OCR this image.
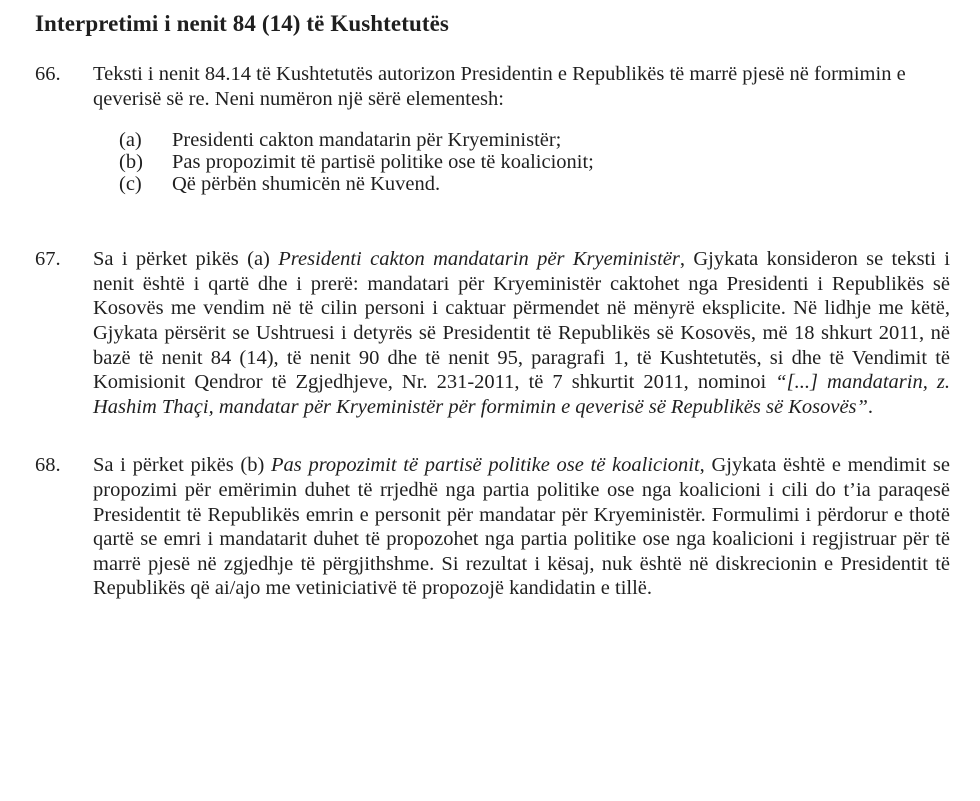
Interpretimi i nenit 84 (14) të Kushtetutës
66.	Teksti i nenit 84.14 të Kushtetutës autorizon Presidentin e Republikës të marrë pjesë në formimin e qeverisë së re. Neni numëron një sërë elementesh:
(a)	Presidenti cakton mandatarin për Kryeministër;
(b)	Pas propozimit të partisë politike ose të koalicionit;
(c)	Që përbën shumicën në Kuvend.
67.	Sa i përket pikës (a) Presidenti cakton mandatarin për Kryeministër, Gjykata konsideron se teksti i nenit është i qartë dhe i prerë: mandatari për Kryeministër caktohet nga Presidenti i Republikës së Kosovës me vendim në të cilin personi i caktuar përmendet në mënyrë eksplicite. Në lidhje me këtë, Gjykata përsërit se Ushtruesi i detyrës së Presidentit të Republikës së Kosovës, më 18 shkurt 2011, në bazë të nenit 84 (14), të nenit 90 dhe të nenit 95, paragrafi 1, të Kushtetutës, si dhe të Vendimit të Komisionit Qendror të Zgjedhjeve, Nr. 231-2011, të 7 shkurtit 2011, nominoi “[...] mandatarin, z. Hashim Thaçi, mandatar për Kryeministër për formimin e qeverisë së Republikës së Kosovës”.
68.	Sa i përket pikës (b) Pas propozimit të partisë politike ose të koalicionit, Gjykata është e mendimit se propozimi për emërimin duhet të rrjedhë nga partia politike ose nga koalicioni i cili do t’ia paraqesë Presidentit të Republikës emrin e personit për mandatar për Kryeministër. Formulimi i përdorur e thotë qartë se emri i mandatarit duhet të propozohet nga partia politike ose nga koalicioni i regjistruar për të marrë pjesë në zgjedhje të përgjithshme. Si rezultat i kësaj, nuk është në diskrecionin e Presidentit të Republikës që ai/ajo me vetiniciativë të propozojë kandidatin e tillë.
